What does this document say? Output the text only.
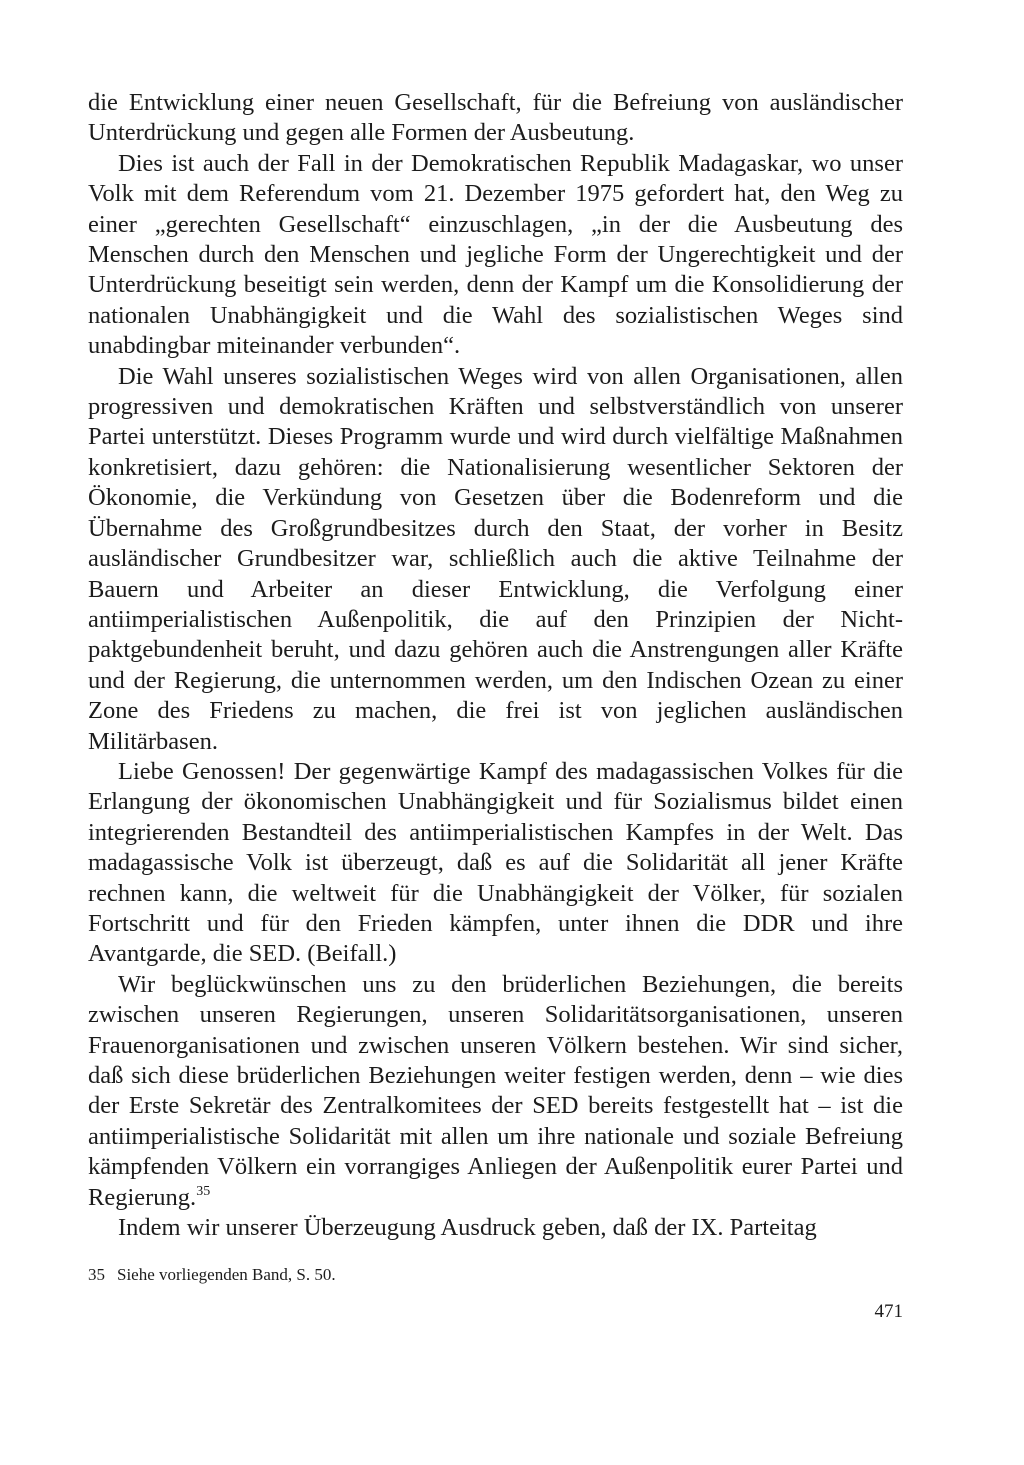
die Entwicklung einer neuen Gesellschaft, für die Befreiung von ausländischer Unterdrückung und gegen alle Formen der Ausbeutung.

Dies ist auch der Fall in der Demokratischen Republik Madagaskar, wo unser Volk mit dem Referendum vom 21. Dezember 1975 gefordert hat, den Weg zu einer „gerechten Gesellschaft“ einzuschlagen, „in der die Ausbeutung des Menschen durch den Menschen und jegliche Form der Ungerechtigkeit und der Unterdrückung beseitigt sein werden, denn der Kampf um die Konsolidierung der nationalen Unabhängigkeit und die Wahl des sozialistischen Weges sind unabdingbar miteinander verbunden“.

Die Wahl unseres sozialistischen Weges wird von allen Organisationen, allen progressiven und demokratischen Kräften und selbstverständlich von unserer Partei unterstützt. Dieses Programm wurde und wird durch vielfältige Maßnahmen konkretisiert, dazu gehören: die Nationalisierung wesentlicher Sektoren der Ökonomie, die Verkündung von Gesetzen über die Bodenreform und die Übernahme des Großgrundbesitzes durch den Staat, der vorher in Besitz ausländischer Grundbesitzer war, schließlich auch die aktive Teilnahme der Bauern und Arbeiter an dieser Entwicklung, die Verfolgung einer antiimperialistischen Außenpolitik, die auf den Prinzipien der Nichtpaktgebundenheit beruht, und dazu gehören auch die Anstrengungen aller Kräfte und der Regierung, die unternommen werden, um den Indischen Ozean zu einer Zone des Friedens zu machen, die frei ist von jeglichen ausländischen Militärbasen.

Liebe Genossen! Der gegenwärtige Kampf des madagassischen Volkes für die Erlangung der ökonomischen Unabhängigkeit und für Sozialismus bildet einen integrierenden Bestandteil des antiimperialistischen Kampfes in der Welt. Das madagassische Volk ist überzeugt, daß es auf die Solidarität all jener Kräfte rechnen kann, die weltweit für die Unabhängigkeit der Völker, für sozialen Fortschritt und für den Frieden kämpfen, unter ihnen die DDR und ihre Avantgarde, die SED. (Beifall.)

Wir beglückwünschen uns zu den brüderlichen Beziehungen, die bereits zwischen unseren Regierungen, unseren Solidaritätsorganisationen, unseren Frauenorganisationen und zwischen unseren Völkern bestehen. Wir sind sicher, daß sich diese brüderlichen Beziehungen weiter festigen werden, denn – wie dies der Erste Sekretär des Zentralkomitees der SED bereits festgestellt hat – ist die antiimperialistische Solidarität mit allen um ihre nationale und soziale Befreiung kämpfenden Völkern ein vorrangiges Anliegen der Außenpolitik eurer Partei und Regierung.$^{35}$

Indem wir unserer Überzeugung Ausdruck geben, daß der IX. Parteitag

35 Siehe vorliegenden Band, S. 50.

471
